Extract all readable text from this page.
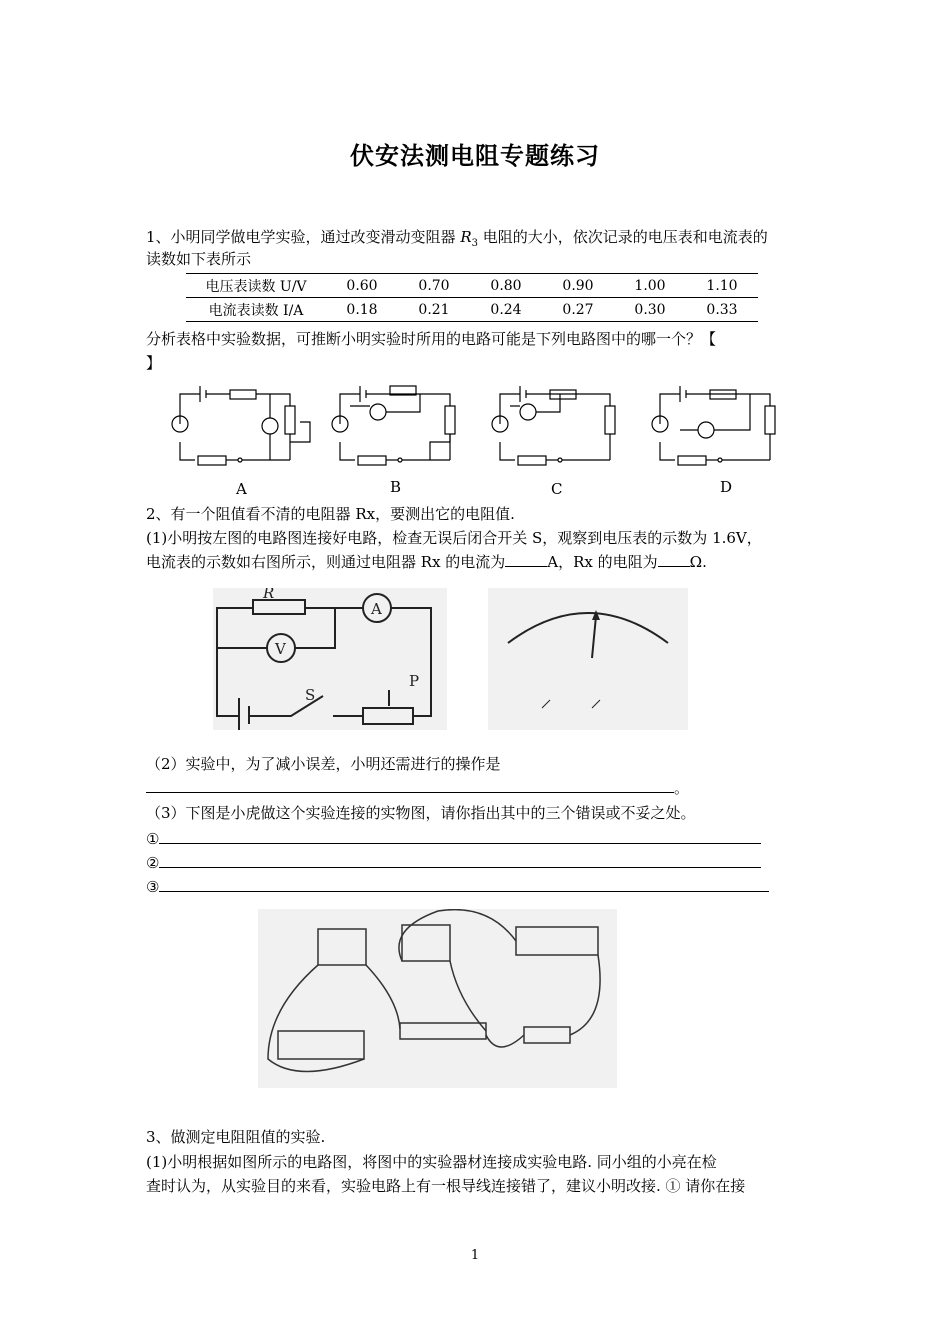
伏安法测电阻专题练习
1、小明同学做电学实验，通过改变滑动变阻器 $R_3$ 电阻的大小，依次记录的电压表和电流表的
读数如下表所示
电压表读数 U/V	0.60	0.70	0.80	0.90	1.00	1.10
电流表读数 I/A	0.18	0.21	0.24	0.27	0.30	0.33
分析表格中实验数据，可推断小明实验时所用的电路可能是下列电路图中的哪一个？【
】
A	B	C	D
2、有一个阻值看不清的电阻器 Rx，要测出它的电阻值.
(1)小明按左图的电路图连接好电路，检查无误后闭合开关 S，观察到电压表的示数为 1.6V，
电流表的示数如右图所示，则通过电阻器 Rx 的电流为	A，Rx 的电阻为 Ω.
R
A
V
S
P
（2）实验中，为了减小误差，小明还需进行的操作是
。
（3）下图是小虎做这个实验连接的实物图，请你指出其中的三个错误或不妥之处。
①
②
③
3、做测定电阻阻值的实验.
(1)小明根据如图所示的电路图，将图中的实验器材连接成实验电路. 同小组的小亮在检
查时认为，从实验目的来看，实验电路上有一根导线连接错了，建议小明改接. ① 请你在接
1
